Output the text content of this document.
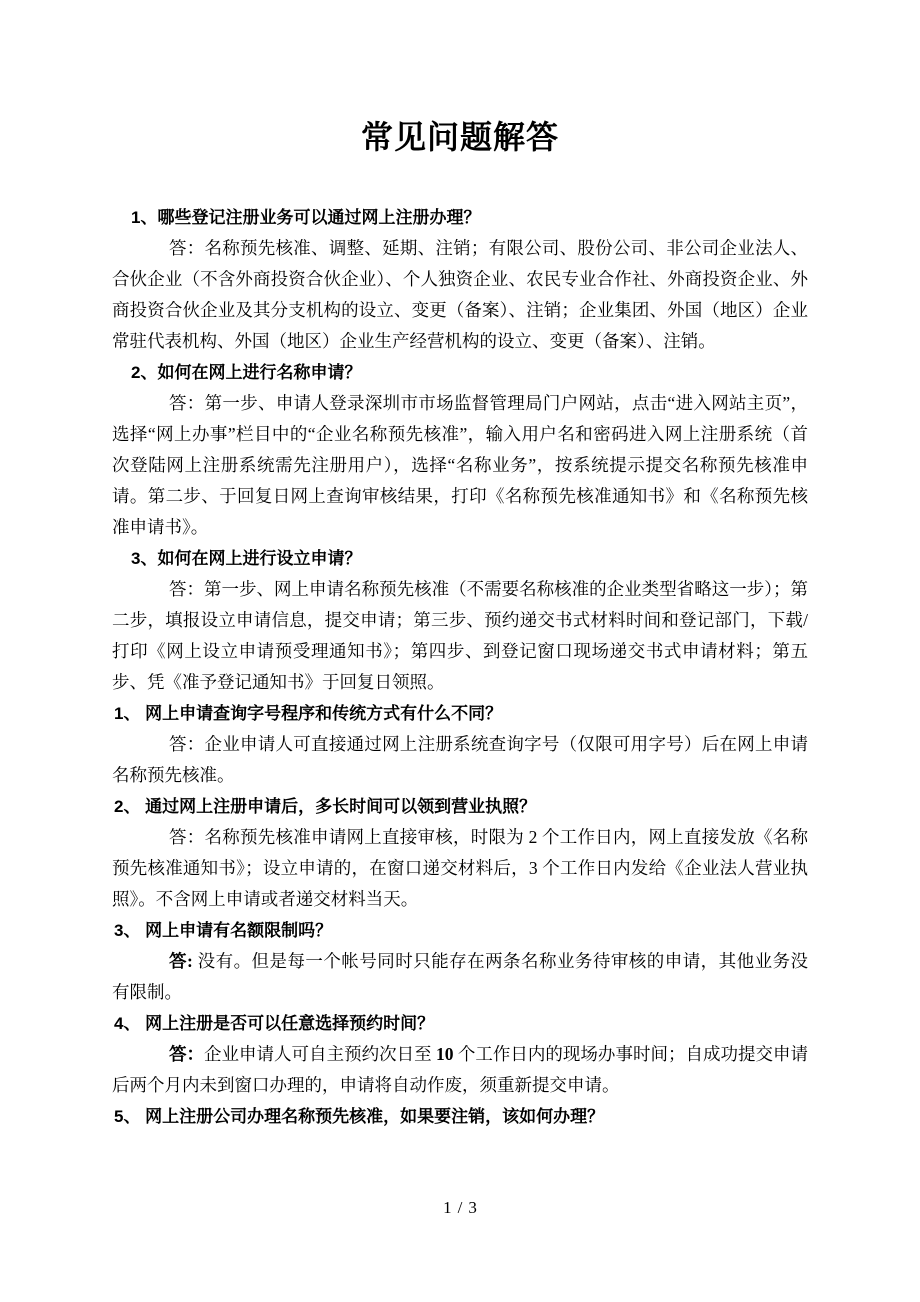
常见问题解答

1、哪些登记注册业务可以通过网上注册办理？

答：名称预先核准、调整、延期、注销；有限公司、股份公司、非公司企业法人、合伙企业（不含外商投资合伙企业）、个人独资企业、农民专业合作社、外商投资企业、外商投资合伙企业及其分支机构的设立、变更（备案）、注销；企业集团、外国（地区）企业常驻代表机构、外国（地区）企业生产经营机构的设立、变更（备案）、注销。

2、如何在网上进行名称申请？

答：第一步、申请人登录深圳市市场监督管理局门户网站，点击“进入网站主页”，选择“网上办事”栏目中的“企业名称预先核准”，输入用户名和密码进入网上注册系统（首次登陆网上注册系统需先注册用户），选择“名称业务”，按系统提示提交名称预先核准申请。第二步、于回复日网上查询审核结果，打印《名称预先核准通知书》和《名称预先核准申请书》。

3、如何在网上进行设立申请？

答：第一步、网上申请名称预先核准（不需要名称核准的企业类型省略这一步）；第二步，填报设立申请信息，提交申请；第三步、预约递交书式材料时间和登记部门，下载/打印《网上设立申请预受理通知书》；第四步、到登记窗口现场递交书式申请材料；第五步、凭《准予登记通知书》于回复日领照。

1、 网上申请查询字号程序和传统方式有什么不同？

答：企业申请人可直接通过网上注册系统查询字号（仅限可用字号）后在网上申请名称预先核准。

2、 通过网上注册申请后，多长时间可以领到营业执照？

答：名称预先核准申请网上直接审核，时限为 2 个工作日内，网上直接发放《名称预先核准通知书》；设立申请的，在窗口递交材料后，3 个工作日内发给《企业法人营业执照》。不含网上申请或者递交材料当天。

3、 网上申请有名额限制吗？

答: 没有。但是每一个帐号同时只能存在两条名称业务待审核的申请，其他业务没有限制。

4、 网上注册是否可以任意选择预约时间？

答：企业申请人可自主预约次日至 10 个工作日内的现场办事时间；自成功提交申请后两个月内未到窗口办理的，申请将自动作废，须重新提交申请。

5、 网上注册公司办理名称预先核准，如果要注销，该如何办理？

1 / 3
